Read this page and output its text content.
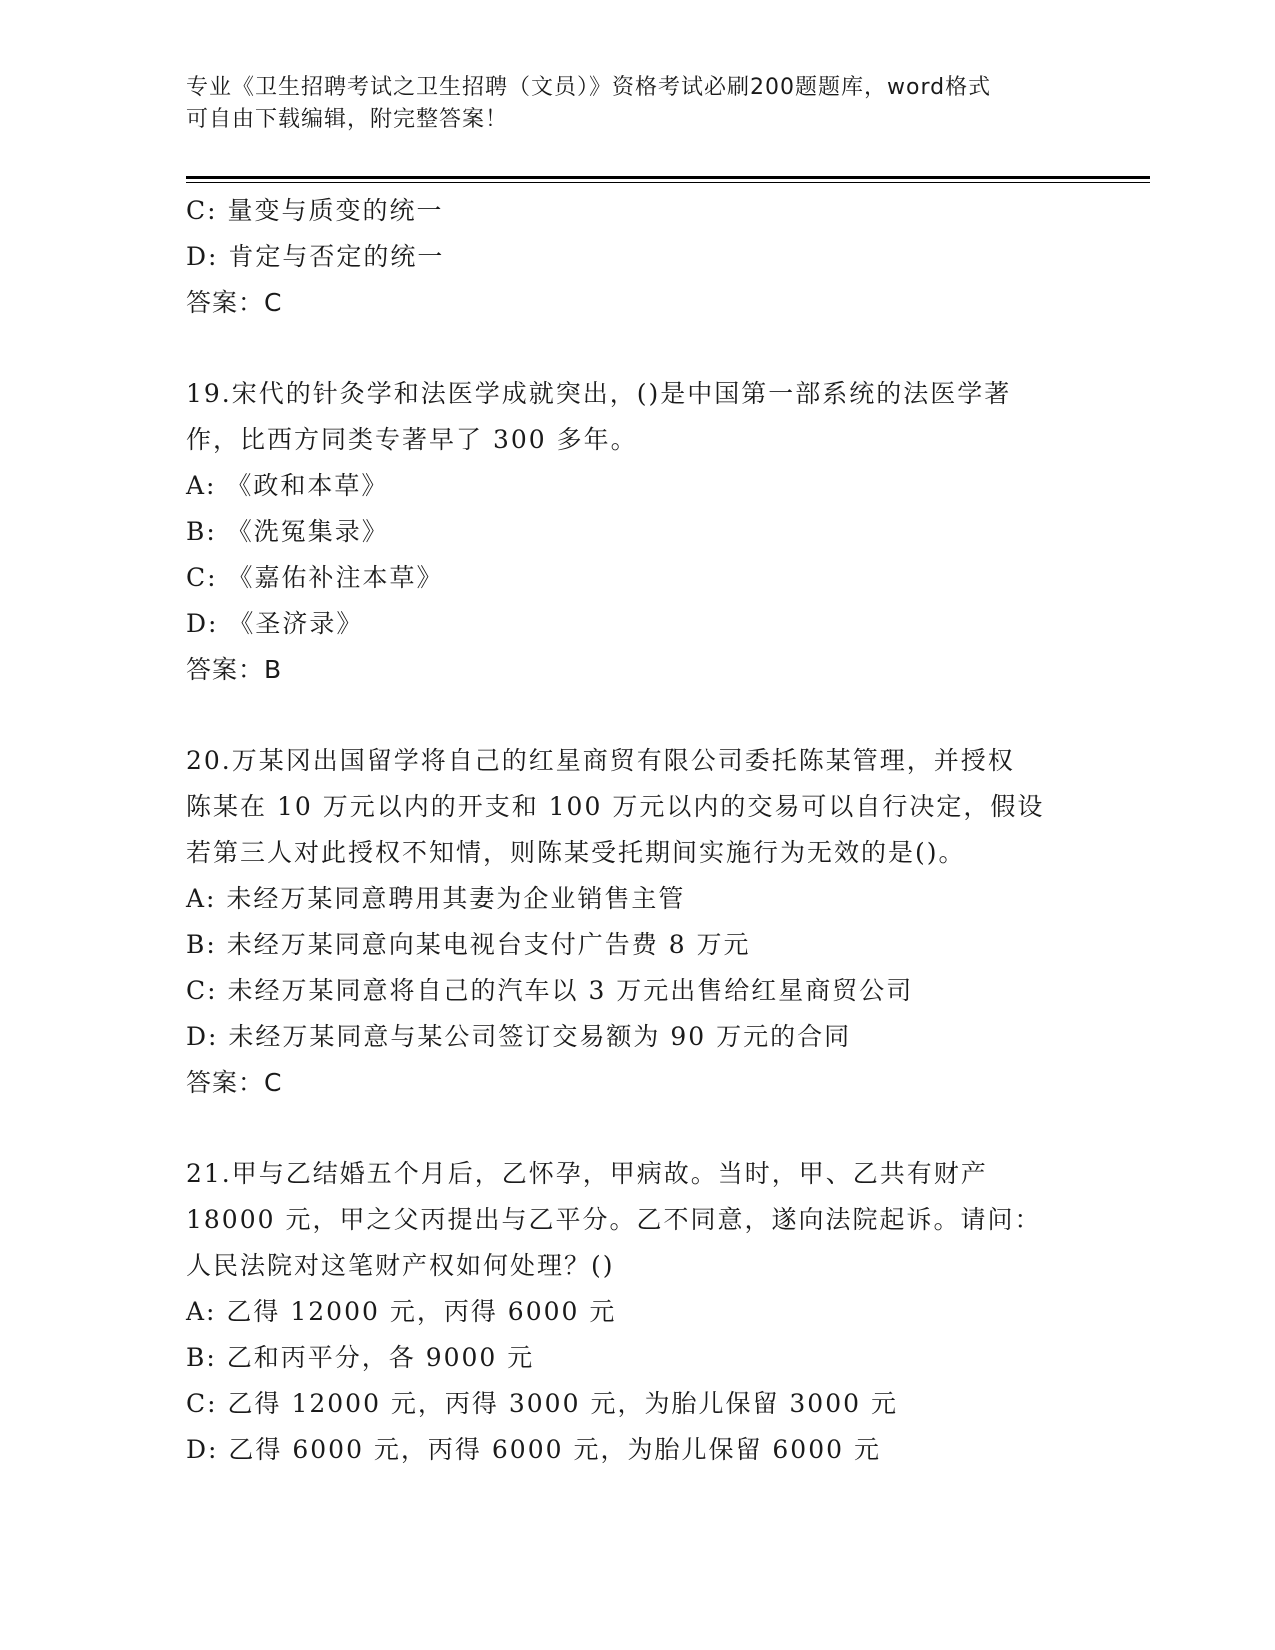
专业《卫生招聘考试之卫生招聘（文员）》资格考试必刷200题题库，word格式
可自由下载编辑，附完整答案！
C: 量变与质变的统一
D: 肯定与否定的统一
答案：C
19.宋代的针灸学和法医学成就突出，()是中国第一部系统的法医学著
作，比西方同类专著早了 300 多年。
A: 《政和本草》
B: 《洗冤集录》
C: 《嘉佑补注本草》
D: 《圣济录》
答案：B
20.万某冈出国留学将自己的红星商贸有限公司委托陈某管理，并授权
陈某在 10 万元以内的开支和 100 万元以内的交易可以自行决定，假设
若第三人对此授权不知情，则陈某受托期间实施行为无效的是()。
A: 未经万某同意聘用其妻为企业销售主管
B: 未经万某同意向某电视台支付广告费 8 万元
C: 未经万某同意将自己的汽车以 3 万元出售给红星商贸公司
D: 未经万某同意与某公司签订交易额为 90 万元的合同
答案：C
21.甲与乙结婚五个月后，乙怀孕，甲病故。当时，甲、乙共有财产
18000 元，甲之父丙提出与乙平分。乙不同意，遂向法院起诉。请问：
人民法院对这笔财产权如何处理？()
A: 乙得 12000 元，丙得 6000 元
B: 乙和丙平分，各 9000 元
C: 乙得 12000 元，丙得 3000 元，为胎儿保留 3000 元
D: 乙得 6000 元，丙得 6000 元，为胎儿保留 6000 元
